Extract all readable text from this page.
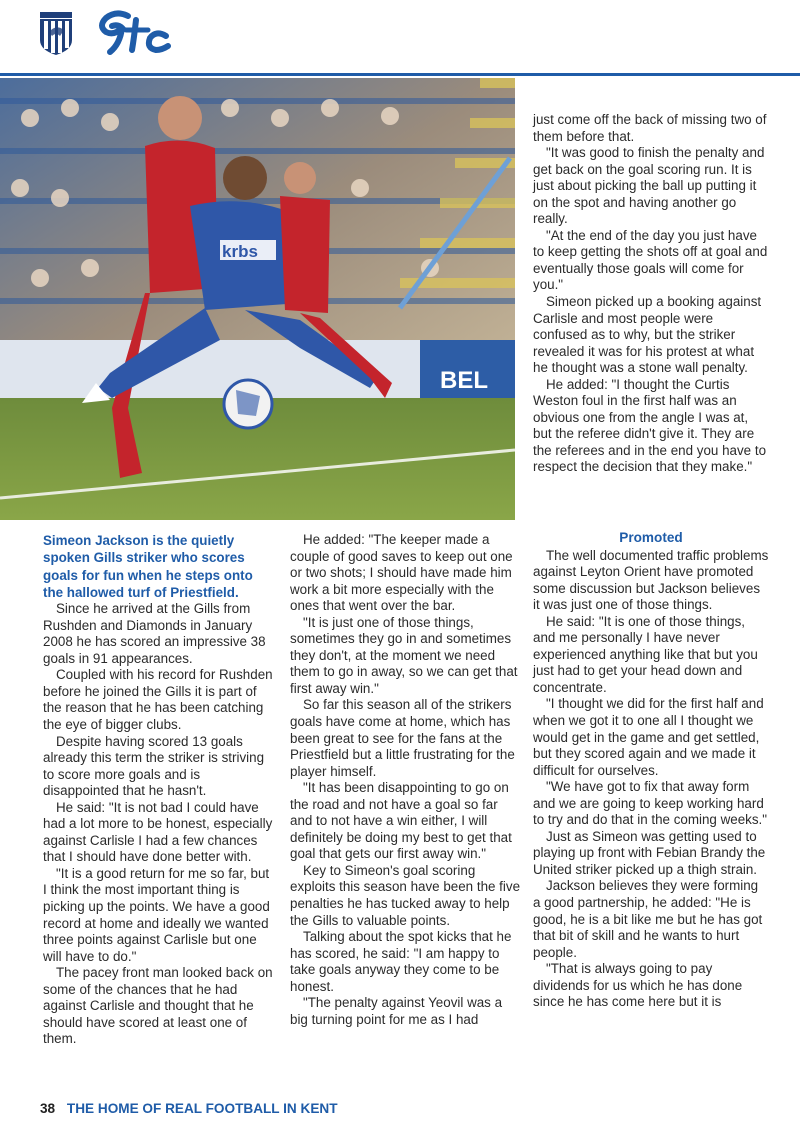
BEL
krbs

Simeon Jackson is the quietly spoken Gills striker who scores goals for fun when he steps onto the hallowed turf of Priestfield.

Since he arrived at the Gills from Rushden and Diamonds in January 2008 he has scored an impressive 38 goals in 91 appearances.

Coupled with his record for Rushden before he joined the Gills it is part of the reason that he has been catching the eye of bigger clubs.

Despite having scored 13 goals already this term the striker is striving to score more goals and is disappointed that he hasn't.

He said: "It is not bad I could have had a lot more to be honest, especially against Carlisle I had a few chances that I should have done better with.

"It is a good return for me so far, but I think the most important thing is picking up the points. We have a good record at home and ideally we wanted three points against Carlisle but one will have to do."

The pacey front man looked back on some of the chances that he had against Carlisle and thought that he should have scored at least one of them.

He added: "The keeper made a couple of good saves to keep out one or two shots; I should have made him work a bit more especially with the ones that went over the bar.

"It is just one of those things, sometimes they go in and sometimes they don't, at the moment we need them to go in away, so we can get that first away win."

So far this season all of the strikers goals have come at home, which has been great to see for the fans at the Priestfield but a little frustrating for the player himself.

"It has been disappointing to go on the road and not have a goal so far and to not have a win either, I will definitely be doing my best to get that goal that gets our first away win."

Key to Simeon's goal scoring exploits this season have been the five penalties he has tucked away to help the Gills to valuable points.

Talking about the spot kicks that he has scored, he said: "I am happy to take goals anyway they come to be honest.

"The penalty against Yeovil was a big turning point for me as I had

just come off the back of missing two of them before that.

"It was good to finish the penalty and get back on the goal scoring run. It is just about picking the ball up putting it on the spot and having another go really.

"At the end of the day you just have to keep getting the shots off at goal and eventually those goals will come for you."

Simeon picked up a booking against Carlisle and most people were confused as to why, but the striker revealed it was for his protest at what he thought was a stone wall penalty.

He added: "I thought the Curtis Weston foul in the first half was an obvious one from the angle I was at, but the referee didn't give it. They are the referees and in the end you have to respect the decision that they make."

Promoted

The well documented traffic problems against Leyton Orient have promoted some discussion but Jackson believes it was just one of those things.

He said: "It is one of those things, and me personally I have never experienced anything like that but you just had to get your head down and concentrate.

"I thought we did for the first half and when we got it to one all I thought we would get in the game and get settled, but they scored again and we made it difficult for ourselves.

"We have got to fix that away form and we are going to keep working hard to try and do that in the coming weeks."

Just as Simeon was getting used to playing up front with Febian Brandy the United striker picked up a thigh strain.

Jackson believes they were forming a good partnership, he added: "He is good, he is a bit like me but he has got that bit of skill and he wants to hurt people.

"That is always going to pay dividends for us which he has done since he has come here but it is

38 THE HOME OF REAL FOOTBALL IN KENT
